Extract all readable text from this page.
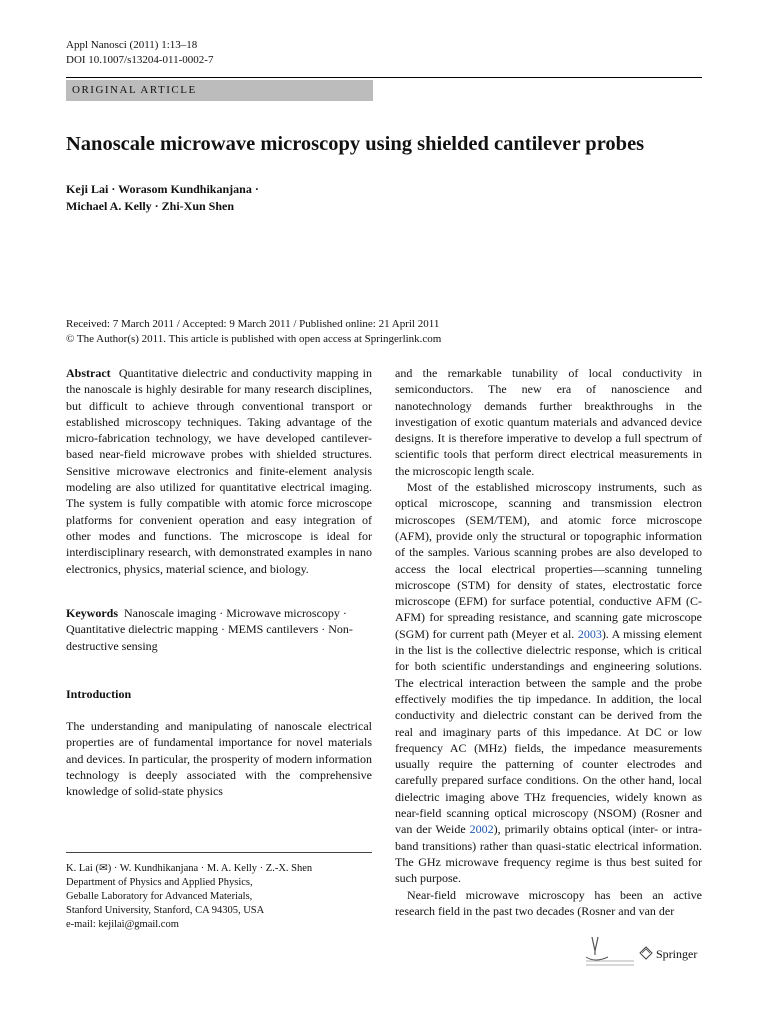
Appl Nanosci (2011) 1:13–18
DOI 10.1007/s13204-011-0002-7
ORIGINAL ARTICLE
Nanoscale microwave microscopy using shielded cantilever probes
Keji Lai · Worasom Kundhikanjana ·
Michael A. Kelly · Zhi-Xun Shen
Received: 7 March 2011 / Accepted: 9 March 2011 / Published online: 21 April 2011
© The Author(s) 2011. This article is published with open access at Springerlink.com

Abstract Quantitative dielectric and conductivity mapping in the nanoscale is highly desirable for many research disciplines, but difficult to achieve through conventional transport or established microscopy techniques. Taking advantage of the micro-fabrication technology, we have developed cantilever-based near-field microwave probes with shielded structures. Sensitive microwave electronics and finite-element analysis modeling are also utilized for quantitative electrical imaging. The system is fully compatible with atomic force microscope platforms for convenient operation and easy integration of other modes and functions. The microscope is ideal for interdisciplinary research, with demonstrated examples in nano electronics, physics, material science, and biology.

Keywords Nanoscale imaging · Microwave microscopy · Quantitative dielectric mapping · MEMS cantilevers · Non-destructive sensing

Introduction

The understanding and manipulating of nanoscale electrical properties are of fundamental importance for novel materials and devices. In particular, the prosperity of modern information technology is deeply associated with the comprehensive knowledge of solid-state physics

K. Lai (✉) · W. Kundhikanjana · M. A. Kelly · Z.-X. Shen
Department of Physics and Applied Physics,
Geballe Laboratory for Advanced Materials,
Stanford University, Stanford, CA 94305, USA
e-mail: kejilai@gmail.com

and the remarkable tunability of local conductivity in semiconductors. The new era of nanoscience and nanotechnology demands further breakthroughs in the investigation of exotic quantum materials and advanced device designs. It is therefore imperative to develop a full spectrum of scientific tools that perform direct electrical measurements in the microscopic length scale.

Most of the established microscopy instruments, such as optical microscope, scanning and transmission electron microscopes (SEM/TEM), and atomic force microscope (AFM), provide only the structural or topographic information of the samples. Various scanning probes are also developed to access the local electrical properties—scanning tunneling microscope (STM) for density of states, electrostatic force microscope (EFM) for surface potential, conductive AFM (C-AFM) for spreading resistance, and scanning gate microscope (SGM) for current path (Meyer et al. 2003). A missing element in the list is the collective dielectric response, which is critical for both scientific understandings and engineering solutions. The electrical interaction between the sample and the probe effectively modifies the tip impedance. In addition, the local conductivity and dielectric constant can be derived from the real and imaginary parts of this impedance. At DC or low frequency AC (MHz) fields, the impedance measurements usually require the patterning of counter electrodes and carefully prepared surface conditions. On the other hand, local dielectric imaging above THz frequencies, widely known as near-field scanning optical microscopy (NSOM) (Rosner and van der Weide 2002), primarily obtains optical (inter- or intra-band transitions) rather than quasi-static electrical information. The GHz microwave frequency regime is thus best suited for such purpose.

Near-field microwave microscopy has been an active research field in the past two decades (Rosner and van der

Springer
